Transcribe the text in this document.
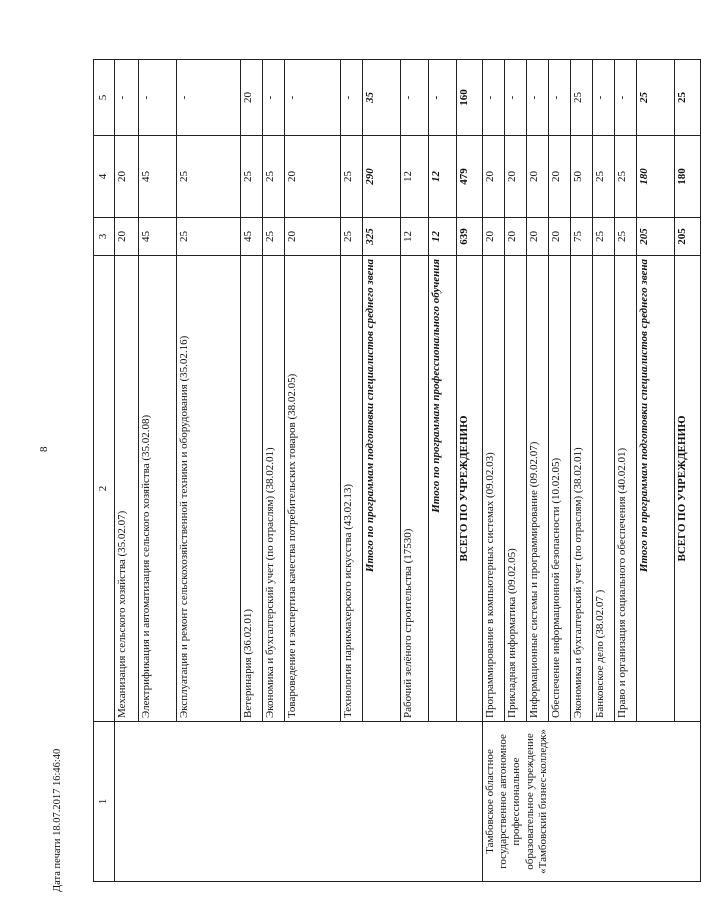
8
Дата печати 18.07.2017 16:46:40	1	2	3	4	5
	Механизация сельского хозяйства (35.02.07)	20	20	-
	Электрификация и автоматизация сельского хозяйства (35.02.08)	45	45	-
	Эксплуатация и ремонт сельскохозяйственной техники и оборудования (35.02.16)	25	25	-
	Ветеринария (36.02.01)	45	25	20
	Экономика и бухгалтерский учет (по отраслям) (38.02.01)	25	25	-
	Товароведение и экспертиза качества потребительских товаров (38.02.05)	20	20	-
	Технология парикмахерского искусства (43.02.13)	25	25	-
	Итого по программам подготовки специалистов среднего звена	325	290	35
	Рабочий зелёного строительства (17530)	12	12	-
	Итого по программам профессионального обучения	12	12	-
	ВСЕГО ПО УЧРЕЖДЕНИЮ	639	479	160
Тамбовское областное государственное автономное профессиональное образовательное учреждение «Тамбовский бизнес-колледж»	Программирование в компьютерных системах (09.02.03)	20	20	-
	Прикладная информатика (09.02.05)	20	20	-
	Информационные системы и программирование (09.02.07)	20	20	-
	Обеспечение информационной безопасности (10.02.05)	20	20	-
	Экономика и бухгалтерский учет (по отраслям) (38.02.01)	75	50	25
	Банковское дело (38.02.07 )	25	25	-
	Право и организация социального обеспечения (40.02.01)	25	25	-
	Итого по программам подготовки специалистов среднего звена	205	180	25
	ВСЕГО ПО УЧРЕЖДЕНИЮ	205	180	25
